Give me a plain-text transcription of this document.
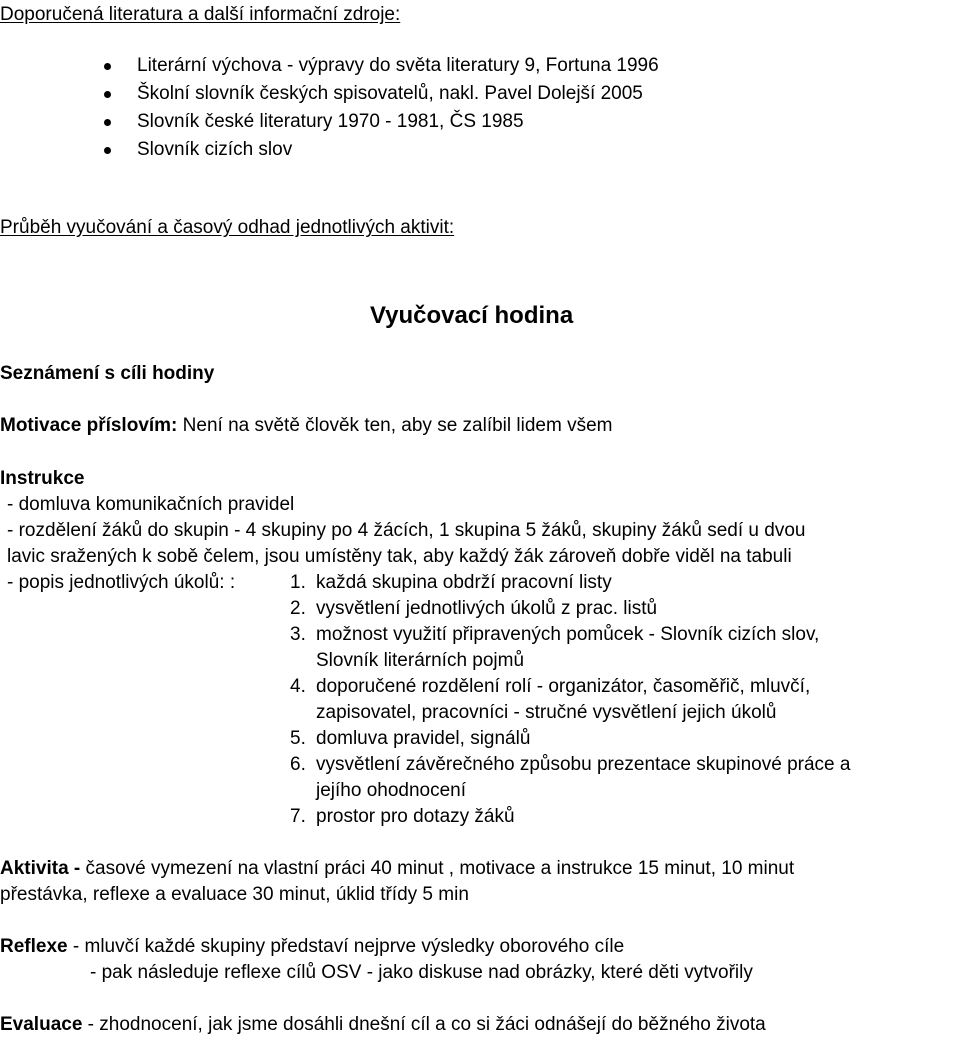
Doporučená literatura a další informační zdroje:
Literární výchova - výpravy do světa literatury 9, Fortuna 1996
Školní slovník českých spisovatelů, nakl. Pavel Dolejší 2005
Slovník české literatury 1970 - 1981, ČS 1985
Slovník cizích slov
Průběh vyučování a časový odhad jednotlivých aktivit:
Vyučovací hodina
Seznámení s cíli hodiny
Motivace příslovím: Není na světě člověk ten, aby se zalíbil lidem všem
Instrukce
- domluva komunikačních pravidel
- rozdělení žáků do skupin - 4 skupiny po 4 žácích, 1 skupina 5 žáků, skupiny žáků sedí u dvou
lavic sražených k sobě čelem, jsou umístěny tak, aby každý žák zároveň dobře viděl na tabuli
- popis jednotlivých úkolů: :	1. každá skupina obdrží pracovní listy
2. vysvětlení jednotlivých úkolů z prac. listů
3. možnost využití připravených pomůcek - Slovník cizích slov,
Slovník literárních pojmů
4. doporučené rozdělení rolí - organizátor, časoměřič, mluvčí,
zapisovatel, pracovníci - stručné vysvětlení jejich úkolů
5. domluva pravidel, signálů
6. vysvětlení závěrečného způsobu prezentace skupinové práce a
jejího ohodnocení
7. prostor pro dotazy žáků
Aktivita - časové vymezení na vlastní práci 40 minut , motivace a instrukce 15 minut, 10 minut
přestávka, reflexe a evaluace 30 minut, úklid třídy 5 min
Reflexe - mluvčí každé skupiny představí nejprve výsledky oborového cíle
- pak následuje reflexe cílů OSV - jako diskuse nad obrázky, které děti vytvořily
Evaluace - zhodnocení, jak jsme dosáhli dnešní cíl a co si žáci odnášejí do běžného života
